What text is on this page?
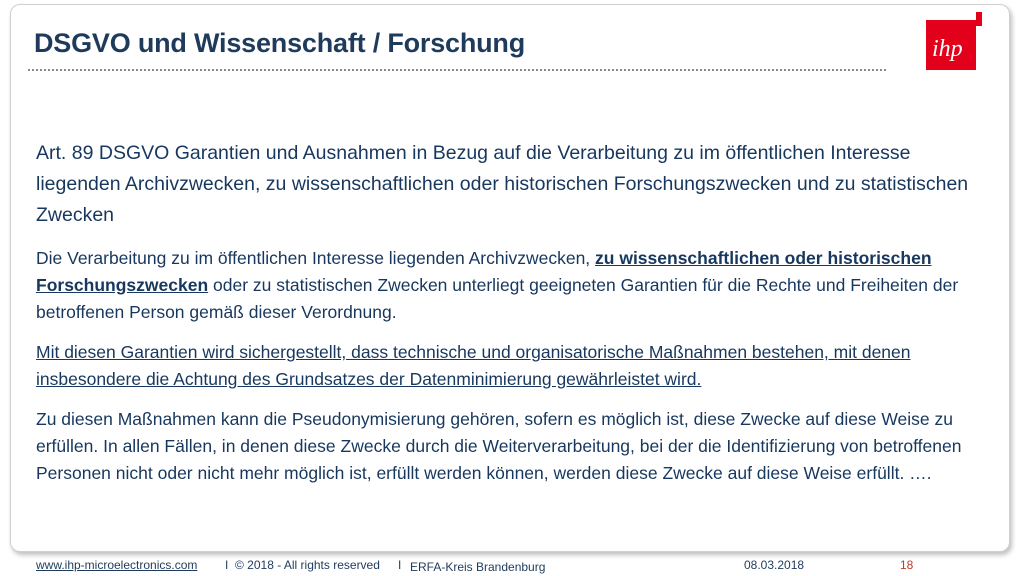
DSGVO und Wissenschaft / Forschung	ihp

Art. 89 DSGVO Garantien und Ausnahmen in Bezug auf die Verarbeitung zu im öffentlichen Interesse liegenden Archivzwecken, zu wissenschaftlichen oder historischen Forschungszwecken und zu statistischen Zwecken

Die Verarbeitung zu im öffentlichen Interesse liegenden Archivzwecken, zu wissenschaftlichen oder historischen Forschungszwecken oder zu statistischen Zwecken unterliegt geeigneten Garantien für die Rechte und Freiheiten der betroffenen Person gemäß dieser Verordnung.

Mit diesen Garantien wird sichergestellt, dass technische und organisatorische Maßnahmen bestehen, mit denen insbesondere die Achtung des Grundsatzes der Datenminimierung gewährleistet wird.

Zu diesen Maßnahmen kann die Pseudonymisierung gehören, sofern es möglich ist, diese Zwecke auf diese Weise zu erfüllen. In allen Fällen, in denen diese Zwecke durch die Weiterverarbeitung, bei der die Identifizierung von betroffenen Personen nicht oder nicht mehr möglich ist, erfüllt werden können, werden diese Zwecke auf diese Weise erfüllt. ….

www.ihp-microelectronics.com I © 2018 - All rights reserved I ERFA-Kreis Brandenburg	08.03.2018	18
